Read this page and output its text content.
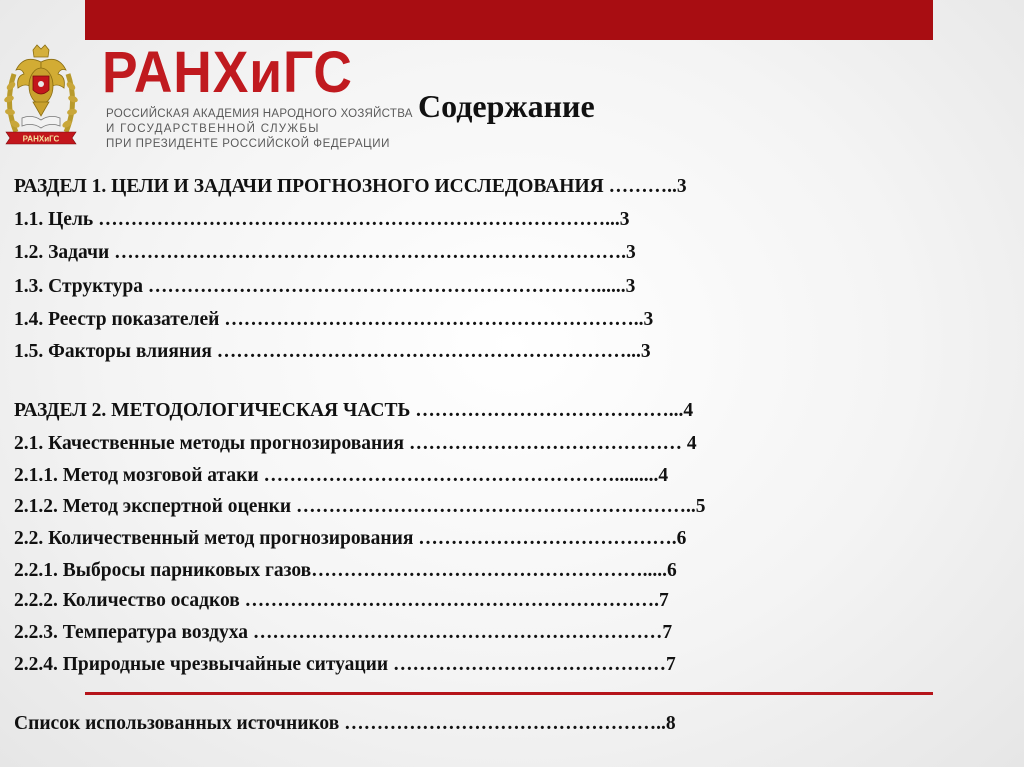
РАНХиГС
РАНХиГС
РОССИЙСКАЯ АКАДЕМИЯ НАРОДНОГО ХОЗЯЙСТВА
И ГОСУДАРСТВЕННОЙ СЛУЖБЫ
ПРИ ПРЕЗИДЕНТЕ РОССИЙСКОЙ ФЕДЕРАЦИИ
Содержание
РАЗДЕЛ 1. ЦЕЛИ И ЗАДАЧИ ПРОГНОЗНОГО ИССЛЕДОВАНИЯ ………..3
1.1. Цель ……………………………………………………………………...3
1.2. Задачи …………………………………………………………………….3
1.3. Структура ……………………………………………………………......3
1.4. Реестр показателей ………………………………………………………..3
1.5. Факторы влияния ………………………………………………………...3
РАЗДЕЛ 2. МЕТОДОЛОГИЧЕСКАЯ ЧАСТЬ …………………………………...4
2.1. Качественные методы прогнозирования …………………………………… 4
2.1.1. Метод мозговой атаки ……………………………………………….........4
2.1.2. Метод экспертной оценки ……………………………………………………..5
2.2. Количественный метод прогнозирования ………………………………….6
2.2.1. Выбросы парниковых газов…………………………………………….....6
2.2.2. Количество осадков ……………………………………………………….7
2.2.3. Температура воздуха ………………………………………………………7
2.2.4. Природные чрезвычайные ситуации ……………………………………7
Список использованных источников …………………………………………..8
